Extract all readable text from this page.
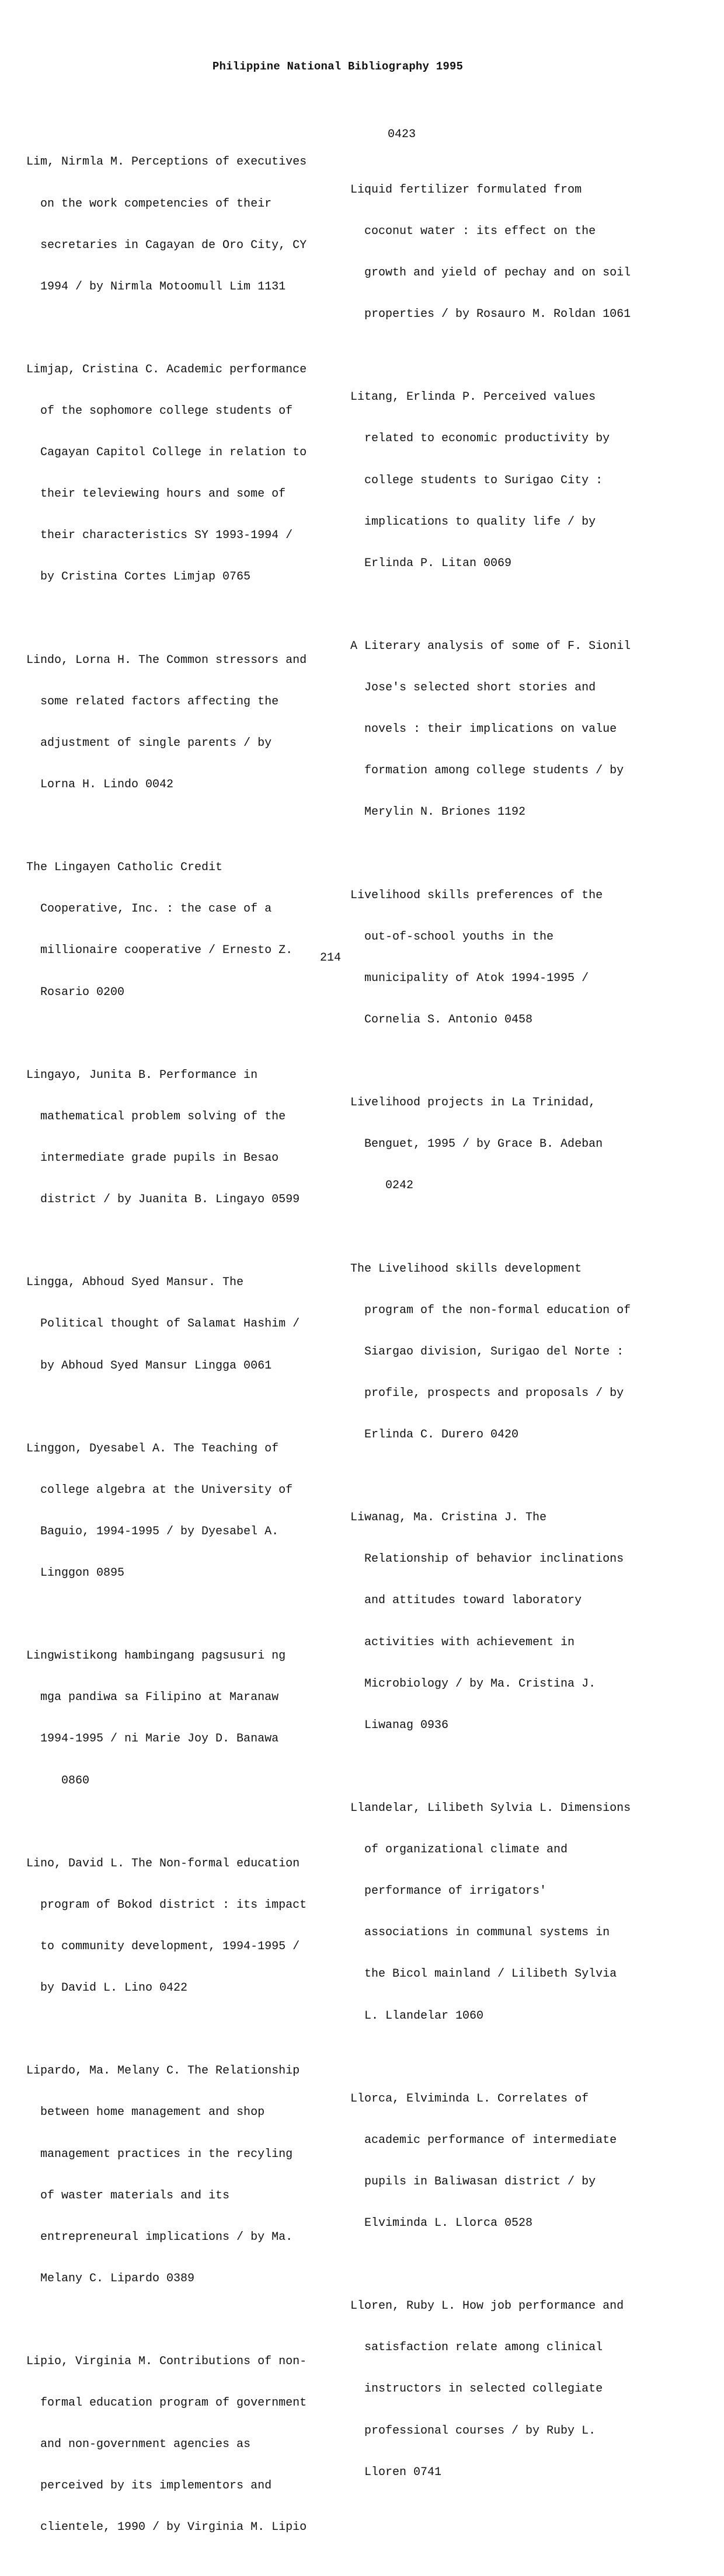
Philippine National Bibliography 1995

Lim, Nirmla M. Perceptions of executives

on the work competencies of their

secretaries in Cagayan de Oro City, CY

1994 / by Nirmla Motoomull Lim 1131

Limjap, Cristina C. Academic performance

of the sophomore college students of

Cagayan Capitol College in relation to

their televiewing hours and some of

their characteristics SY 1993-1994 /

by Cristina Cortes Limjap 0765

Lindo, Lorna H. The Common stressors and

some related factors affecting the

adjustment of single parents / by

Lorna H. Lindo 0042

The Lingayen Catholic Credit

Cooperative, Inc. : the case of a

millionaire cooperative / Ernesto Z.

Rosario 0200

Lingayo, Junita B. Performance in

mathematical problem solving of the

intermediate grade pupils in Besao

district / by Juanita B. Lingayo 0599

Lingga, Abhoud Syed Mansur. The

Political thought of Salamat Hashim /

by Abhoud Syed Mansur Lingga 0061

Linggon, Dyesabel A. The Teaching of

college algebra at the University of

Baguio, 1994-1995 / by Dyesabel A.

Linggon 0895

Lingwistikong hambingang pagsusuri ng

mga pandiwa sa Filipino at Maranaw

1994-1995 / ni Marie Joy D. Banawa

0860

Lino, David L. The Non-formal education

program of Bokod district : its impact

to community development, 1994-1995 /

by David L. Lino 0422

Lipardo, Ma. Melany C. The Relationship

between home management and shop

management practices in the recyling

of waster materials and its

entrepreneural implications / by Ma.

Melany C. Lipardo 0389

Lipio, Virginia M. Contributions of non-

formal education program of government

and non-government agencies as

perceived by its implementors and

clientele, 1990 / by Virginia M. Lipio

0423

Liquid fertilizer formulated from

coconut water : its effect on the

growth and yield of pechay and on soil

properties / by Rosauro M. Roldan 1061

Litang, Erlinda P. Perceived values

related to economic productivity by

college students to Surigao City :

implications to quality life / by

Erlinda P. Litan 0069

A Literary analysis of some of F. Sionil

Jose's selected short stories and

novels : their implications on value

formation among college students / by

Merylin N. Briones 1192

Livelihood skills preferences of the

out-of-school youths in the

municipality of Atok 1994-1995 /

Cornelia S. Antonio 0458

Livelihood projects in La Trinidad,

Benguet, 1995 / by Grace B. Adeban

0242

The Livelihood skills development

program of the non-formal education of

Siargao division, Surigao del Norte :

profile, prospects and proposals / by

Erlinda C. Durero 0420

Liwanag, Ma. Cristina J. The

Relationship of behavior inclinations

and attitudes toward laboratory

activities with achievement in

Microbiology / by Ma. Cristina J.

Liwanag 0936

Llandelar, Lilibeth Sylvia L. Dimensions

of organizational climate and

performance of irrigators'

associations in communal systems in

the Bicol mainland / Lilibeth Sylvia

L. Llandelar 1060

Llorca, Elviminda L. Correlates of

academic performance of intermediate

pupils in Baliwasan district / by

Elviminda L. Llorca 0528

Lloren, Ruby L. How job performance and

satisfaction relate among clinical

instructors in selected collegiate

professional courses / by Ruby L.

Lloren 0741

214
